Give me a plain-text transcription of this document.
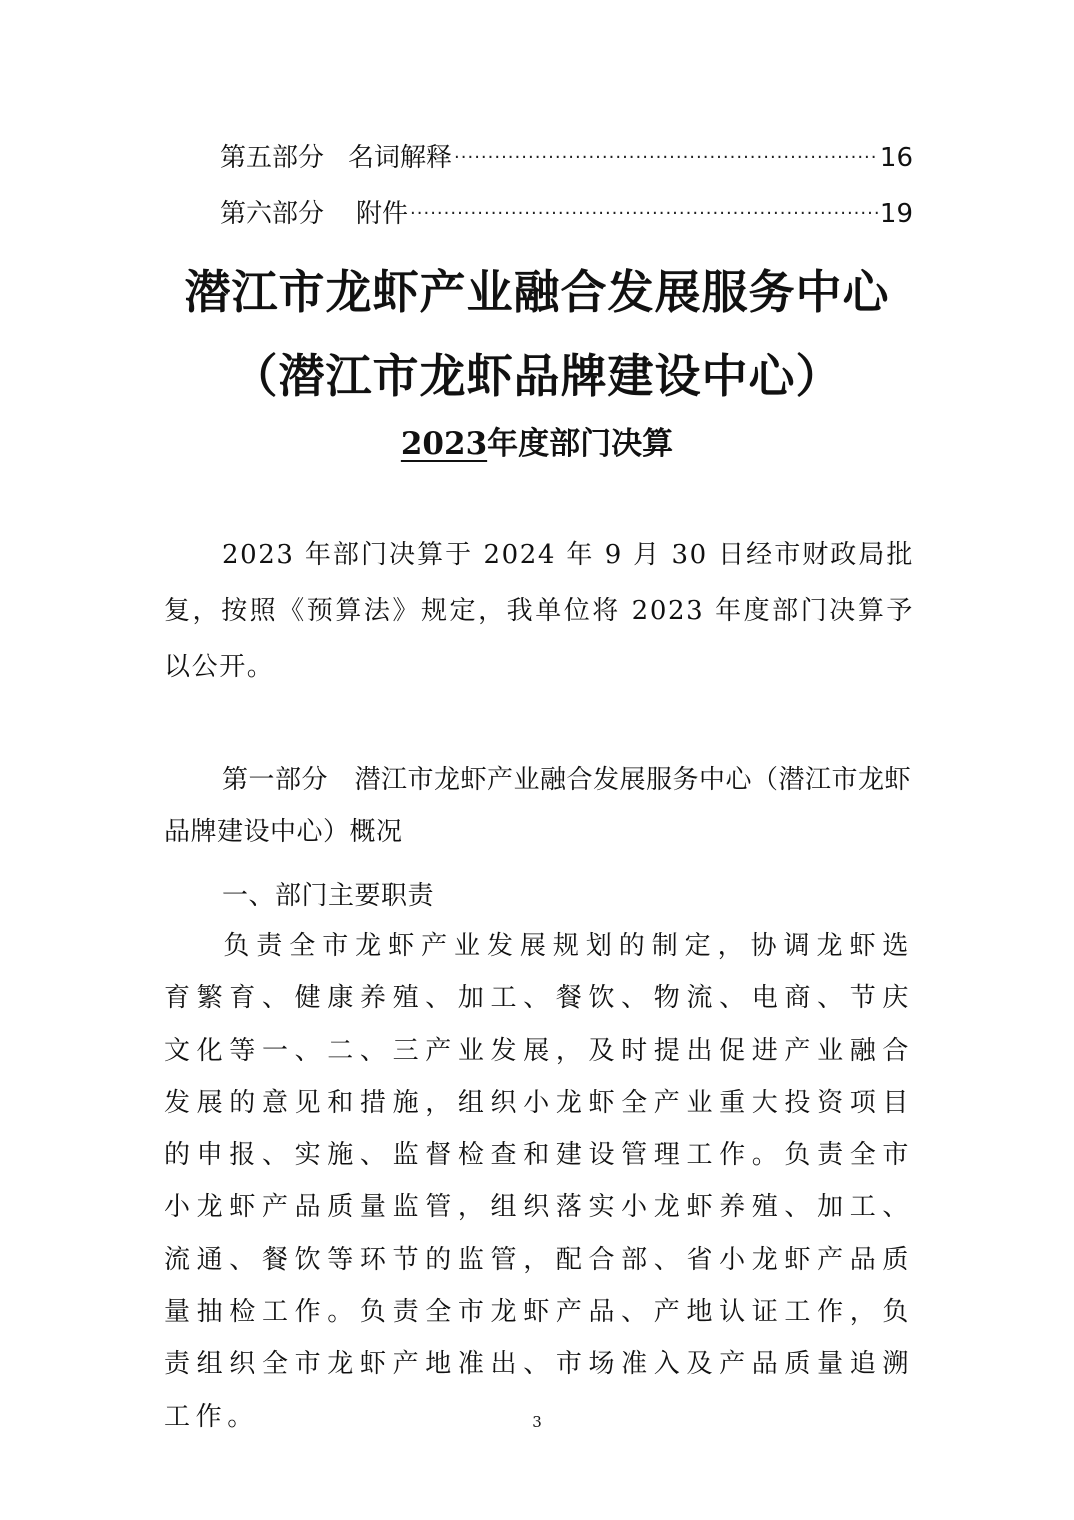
第五部分 名词解释 ·····	16
第六部分 附件 ·····	19
潜江市龙虾产业融合发展服务中心
（潜江市龙虾品牌建设中心）
2023年度部门决算
2023 年部门决算于 2024 年 9 月 30 日经市财政局批复，按照《预算法》规定，我单位将 2023 年度部门决算予以公开。
第一部分　潜江市龙虾产业融合发展服务中心（潜江市龙虾品牌建设中心）概况
一、部门主要职责
负责全市龙虾产业发展规划的制定，协调龙虾选育繁育、健康养殖、加工、餐饮、物流、电商、节庆文化等一、二、三产业发展，及时提出促进产业融合发展的意见和措施，组织小龙虾全产业重大投资项目的申报、实施、监督检查和建设管理工作。负责全市小龙虾产品质量监管，组织落实小龙虾养殖、加工、流通、餐饮等环节的监管，配合部、省小龙虾产品质量抽检工作。负责全市龙虾产品、产地认证工作，负责组织全市龙虾产地准出、市场准入及产品质量追溯工作。	3
